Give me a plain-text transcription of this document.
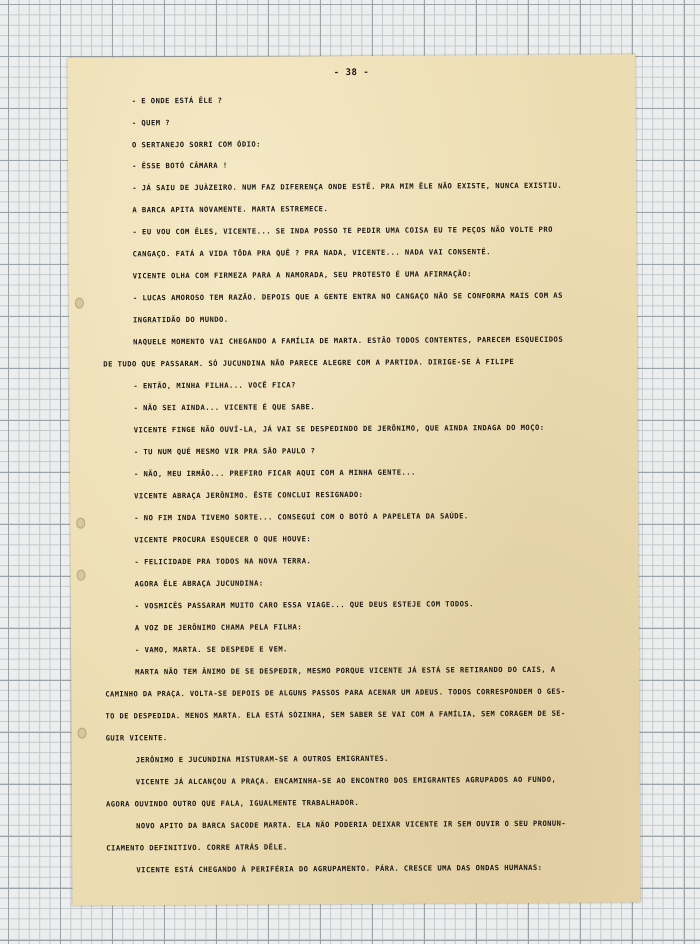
- 38 -
- E ONDE ESTÁ ÊLE ?
- QUEM ?
O SERTANEJO SORRI COM ÓDIO:
- ÊSSE BOTÓ CÂMARA !
- JÁ SAIU DE JUÀZEIRO. NUM FAZ DIFERENÇA ONDE ESTÊ. PRA MIM ÊLE NÃO EXISTE, NUNCA EXISTIU.
A BARCA APITA NOVAMENTE. MARTA ESTREMECE.
- EU VOU COM ÊLES, VICENTE... SE INDA POSSO TE PEDIR UMA COISA EU TE PEÇOS NÃO VOLTE PRO
CANGAÇO. FATÁ A VIDA TÔDA PRA QUÊ ? PRA NADA, VICENTE... NADA VAI CONSENTÊ.
VICENTE OLHA COM FIRMEZA PARA A NAMORADA, SEU PROTESTO É UMA AFIRMAÇÃO:
- LUCAS AMOROSO TEM RAZÃO. DEPOIS QUE A GENTE ENTRA NO CANGAÇO NÃO SE CONFORMA MAIS COM AS
INGRATIDÃO DO MUNDO.
NAQUELE MOMENTO VAI CHEGANDO A FAMÍLIA DE MARTA. ESTÃO TODOS CONTENTES, PARECEM ESQUECIDOS
DE TUDO QUE PASSARAM. SÓ JUCUNDINA NÃO PARECE ALEGRE COM A PARTIDA. DIRIGE-SE À FILIPE
- ENTÃO, MINHA FILHA... VOCÊ FICA?
- NÃO SEI AINDA... VICENTE É QUE SABE.
VICENTE FINGE NÃO OUVÍ-LA, JÁ VAI SE DESPEDINDO DE JERÔNIMO, QUE AINDA INDAGA DO MOÇO:
- TU NUM QUÉ MESMO VIR PRA SÃO PAULO ?
- NÃO, MEU IRMÃO... PREFIRO FICAR AQUI COM A MINHA GENTE...
VICENTE ABRAÇA JERÔNIMO. ÊSTE CONCLUI RESIGNADO:
- NO FIM INDA TIVEMO SORTE... CONSEGUÍ COM O BOTÓ A PAPELETA DA SAÚDE.
VICENTE PROCURA ESQUECER O QUE HOUVE:
- FELICIDADE PRA TODOS NA NOVA TERRA.
AGORA ÊLE ABRAÇA JUCUNDINA:
- VOSMICÊS PASSARAM MUITO CARO ESSA VIAGE... QUE DEUS ESTEJE COM TODOS.
A VOZ DE JERÔNIMO CHAMA PELA FILHA:
- VAMO, MARTA. SE DESPEDE E VEM.
MARTA NÃO TEM ÂNIMO DE SE DESPEDIR, MESMO PORQUE VICENTE JÁ ESTÁ SE RETIRANDO DO CAIS, A
CAMINHO DA PRAÇA. VOLTA-SE DEPOIS DE ALGUNS PASSOS PARA ACENAR UM ADEUS. TODOS CORRESPONDEM O GES-
TO DE DESPEDIDA. MENOS MARTA. ELA ESTÁ SÒZINHA, SEM SABER SE VAI COM A FAMÍLIA, SEM CORAGEM DE SE-
GUIR VICENTE.
JERÔNIMO E JUCUNDINA MISTURAM-SE A OUTROS EMIGRANTES.
VICENTE JÁ ALCANÇOU A PRAÇA. ENCAMINHA-SE AO ENCONTRO DOS EMIGRANTES AGRUPADOS AO FUNDO,
AGORA OUVINDO OUTRO QUE FALA, IGUALMENTE TRABALHADOR.
NOVO APITO DA BARCA SACODE MARTA. ELA NÃO PODERIA DEIXAR VICENTE IR SEM OUVIR O SEU PRONUN-
CIAMENTO DEFINITIVO. CORRE ATRÁS DÊLE.
VICENTE ESTÁ CHEGANDO À PERIFÉRIA DO AGRUPAMENTO. PÁRA. CRESCE UMA DAS ONDAS HUMANAS:
